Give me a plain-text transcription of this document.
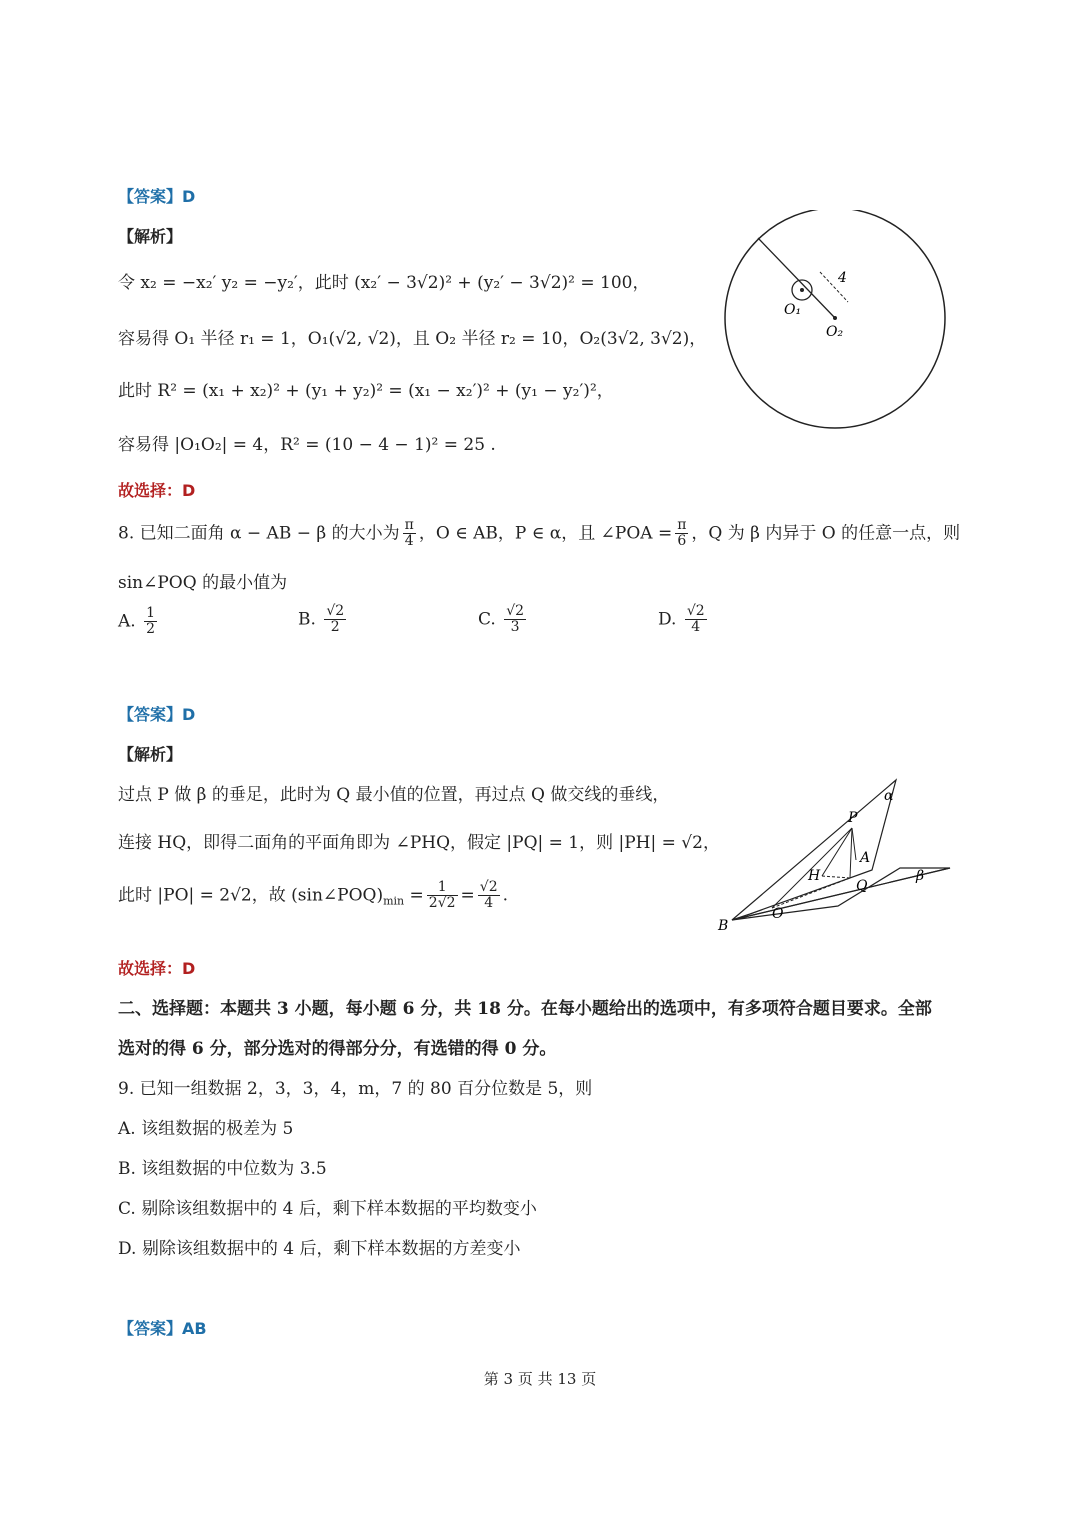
【答案】D
【解析】
令 x₂ = −x₂′ y₂ = −y₂′，此时 (x₂′ − 3√2)² + (y₂′ − 3√2)² = 100，
容易得 O₁ 半径 r₁ = 1，O₁(√2, √2)，且 O₂ 半径 r₂ = 10，O₂(3√2, 3√2)，
此时 R² = (x₁ + x₂)² + (y₁ + y₂)² = (x₁ − x₂′)² + (y₁ − y₂′)²，
容易得 |O₁O₂| = 4，R² = (10 − 4 − 1)² = 25 .
故选择：D
4
O₁
O₂
8. 已知二面角 α − AB − β 的大小为 $\frac{\pi}{4}$ ，O ∈ AB，P ∈ α，且 ∠POA = $\frac{\pi}{6}$ ，Q 为 β 内异于 O 的任意一点，则
sin∠POQ 的最小值为
A. $\frac{1}{2}$	B. $\frac{√2}{2}$	C. $\frac{√2}{3}$	D. $\frac{√2}{4}$
【答案】D
【解析】
过点 P 做 β 的垂足，此时为 Q 最小值的位置，再过点 Q 做交线的垂线，
连接 HQ，即得二面角的平面角即为 ∠PHQ，假定 |PQ| = 1，则 |PH| = √2，
此时 |PO| = 2√2，故 $(\sin\angle POQ)_{min} = \frac{1}{2√2} = \frac{√2}{4}$ .
故选择：D
α
β
P
A
H
Q
O
B
二、选择题：本题共 3 小题，每小题 6 分，共 18 分。在每小题给出的选项中，有多项符合题目要求。全部
选对的得 6 分，部分选对的得部分分，有选错的得 0 分。
9. 已知一组数据 2，3，3，4，m，7 的 80 百分位数是 5，则
A. 该组数据的极差为 5
B. 该组数据的中位数为 3.5
C. 剔除该组数据中的 4 后，剩下样本数据的平均数变小
D. 剔除该组数据中的 4 后，剩下样本数据的方差变小
【答案】AB
第 3 页 共 13 页
